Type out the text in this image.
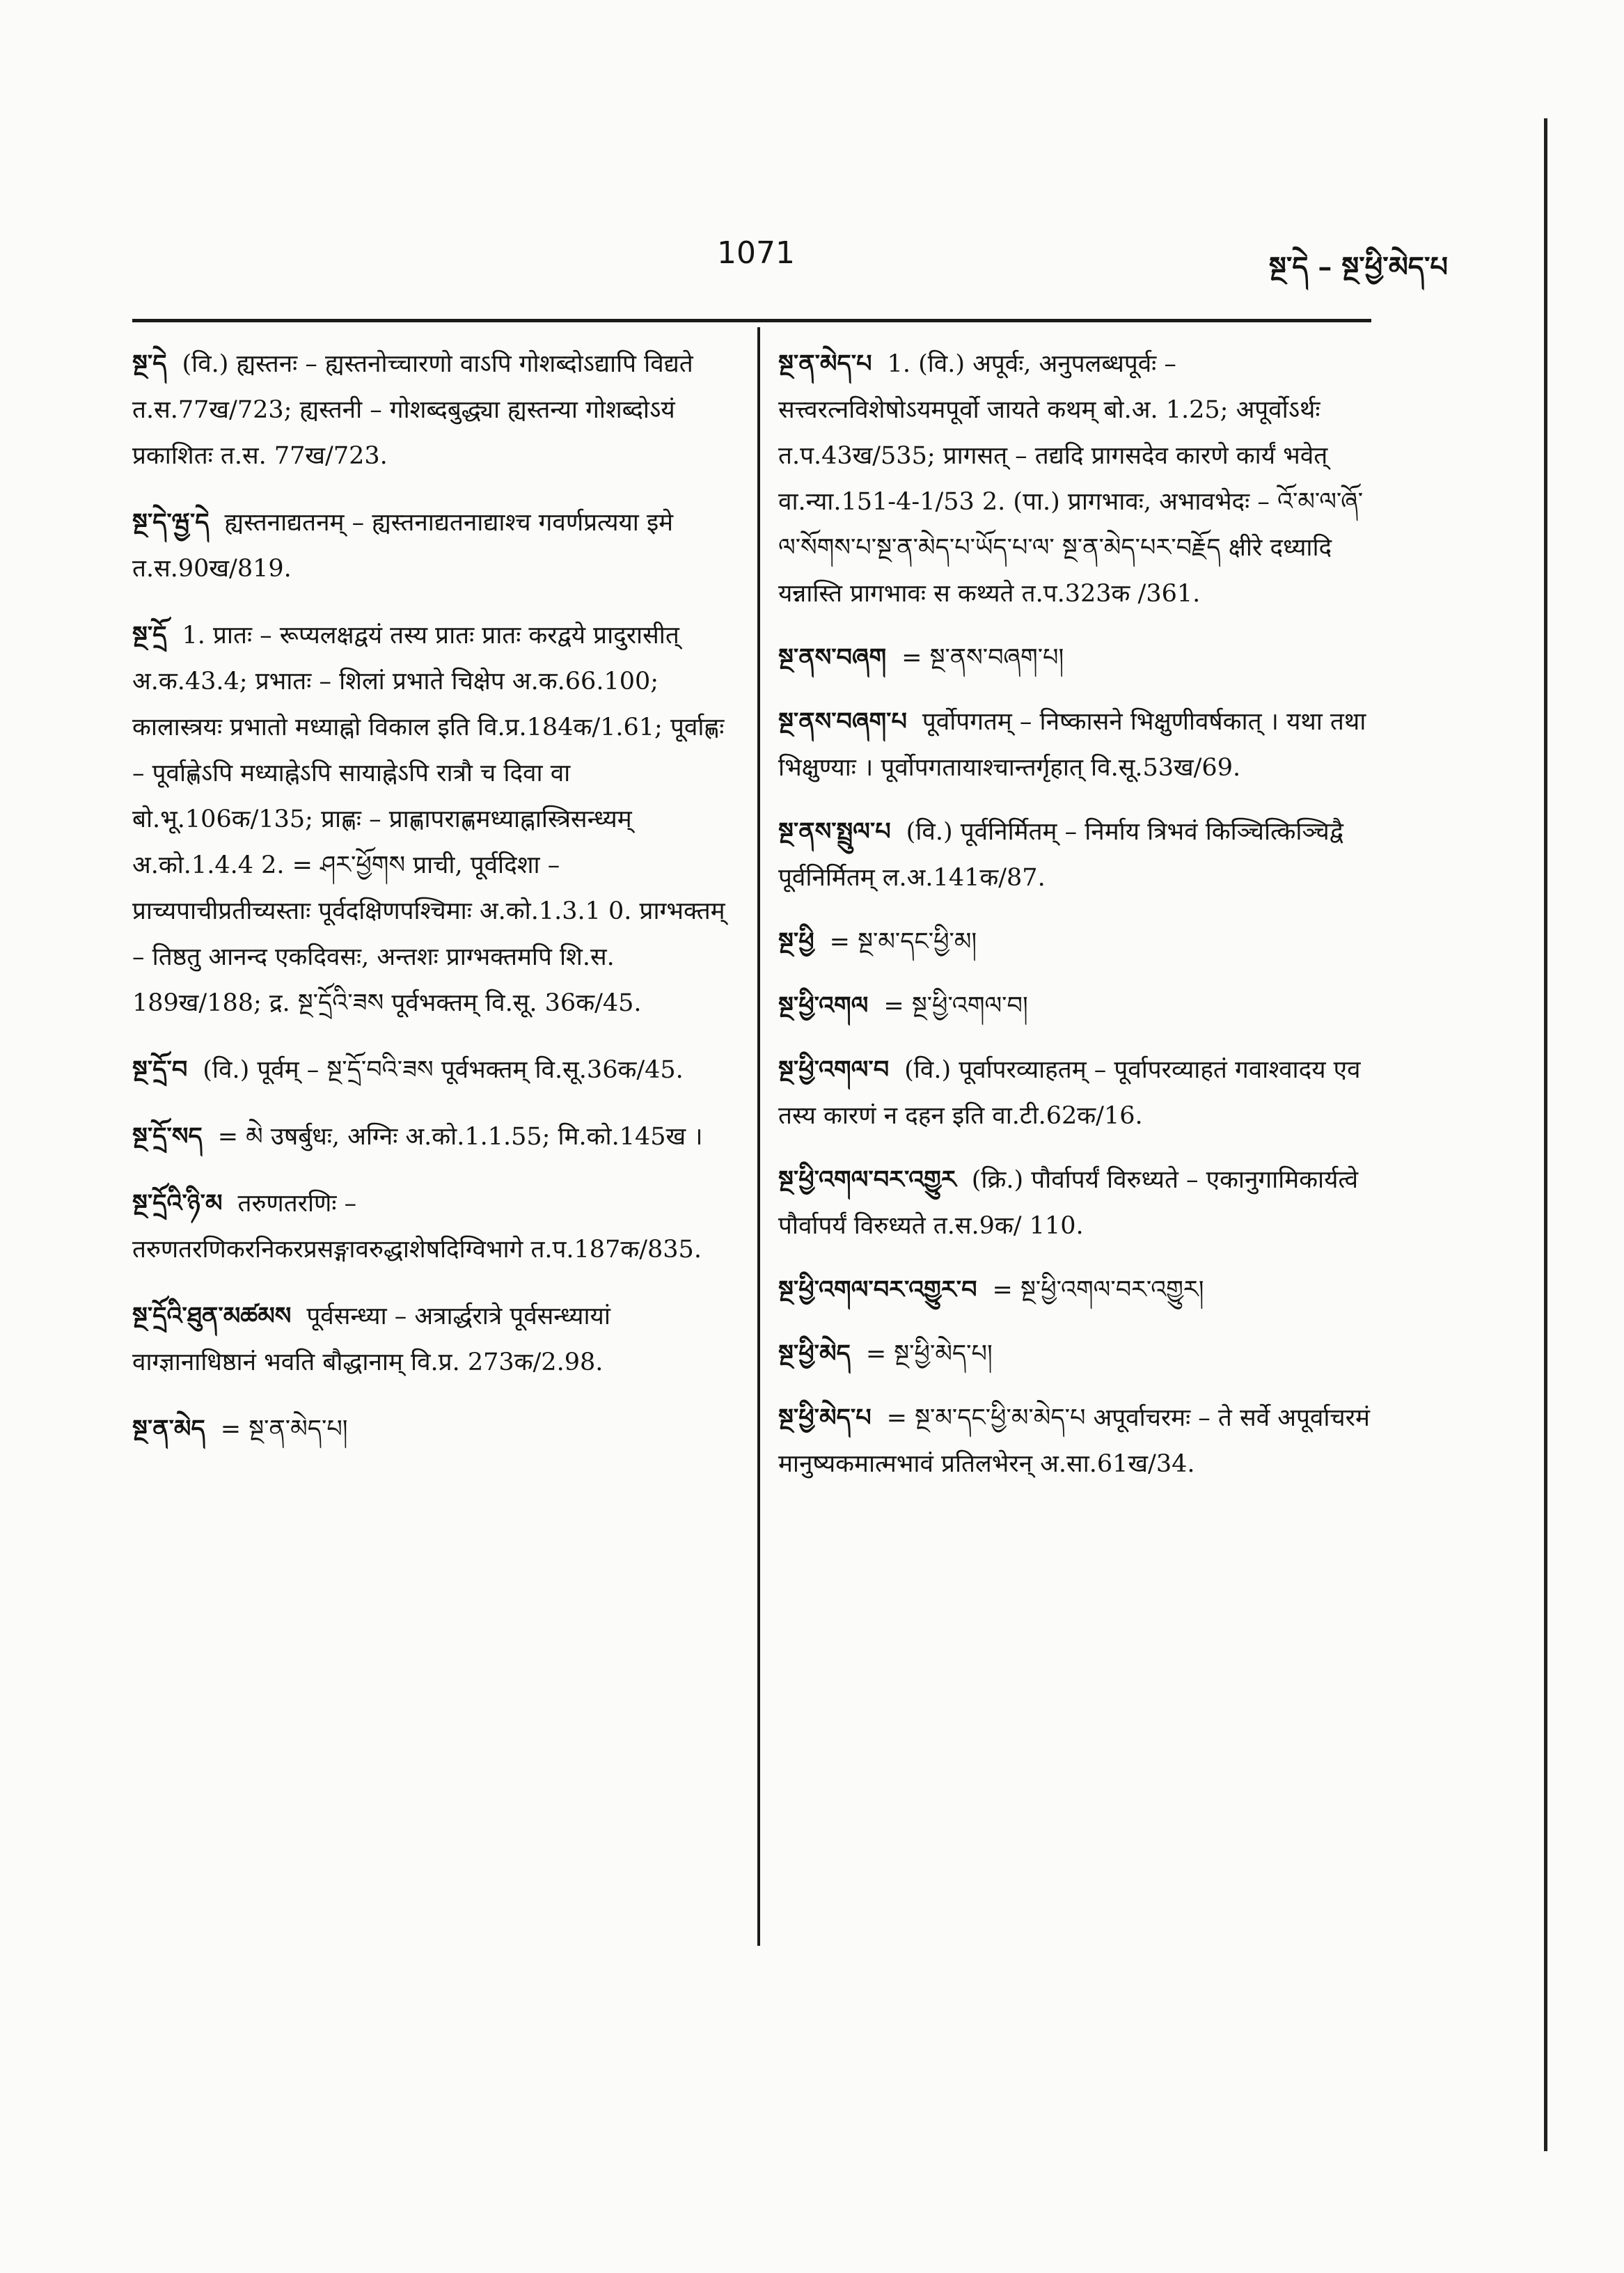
1071	སྔ་དེ – སྔ་ཕྱི་མེད་པ
སྔ་དེ (वि.) ह्यस्तनः – ह्यस्तनोच्चारणो वाऽपि गोशब्दोऽद्यापि विद्यते त.स.77ख/723; ह्यस्तनी – गोशब्दबुद्ध्या ह्यस्तन्या गोशब्दोऽयं प्रकाशितः त.स. 77ख/723.
སྔ་དེ་ཝྱ་དེ ह्यस्तनाद्यतनम् – ह्यस्तनाद्यतनाद्याश्च गवर्णप्रत्यया इमे त.स.90ख/819.
སྔ་དྲོ 1. प्रातः – रूप्यलक्षद्वयं तस्य प्रातः प्रातः करद्वये प्रादुरासीत् अ.क.43.4; प्रभातः – शिलां प्रभाते चिक्षेप अ.क.66.100; कालास्त्रयः प्रभातो मध्याह्नो विकाल इति वि.प्र.184क/1.61; पूर्वाह्णः – पूर्वाह्णेऽपि मध्याह्नेऽपि सायाह्नेऽपि रात्रौ च दिवा वा बो.भू.106क/135; प्राह्णः – प्राह्णापराह्णमध्याह्नास्त्रिसन्ध्यम् अ.को.1.4.4 2. = ཤར་ཕྱོགས प्राची, पूर्वदिशा – प्राच्यपाचीप्रतीच्यस्ताः पूर्वदक्षिणपश्चिमाः अ.को.1.3.1 0. प्राग्भक्तम् – तिष्ठतु आनन्द एकदिवसः, अन्तशः प्राग्भक्तमपि शि.स. 189ख/188; द्र. སྔ་དྲོའི་ཟས पूर्वभक्तम् वि.सू. 36क/45.
སྔ་དྲོ་བ (वि.) पूर्वम् – སྔ་དྲོ་བའི་ཟས पूर्वभक्तम् वि.सू.36क/45.
སྔ་དྲོ་སད = མེ उषर्बुधः, अग्निः अ.को.1.1.55; मि.को.145ख ।
སྔ་དྲོའི་ཉི་མ तरुणतरणिः – तरुणतरणिकरनिकरप्रसङ्गावरुद्धाशेषदिग्विभागे त.प.187क/835.
སྔ་དྲོའི་ཐུན་མཚམས पूर्वसन्ध्या – अत्रार्द्धरात्रे पूर्वसन्ध्यायां वाग्ज्ञानाधिष्ठानं भवति बौद्धानाम् वि.प्र. 273क/2.98.
སྔ་ན་མེད = སྔ་ན་མེད་པ།
སྔ་ན་མེད་པ 1. (वि.) अपूर्वः, अनुपलब्धपूर्वः – सत्त्वरत्नविशेषोऽयमपूर्वो जायते कथम् बो.अ. 1.25; अपूर्वोऽर्थः त.प.43ख/535; प्रागसत् – तद्यदि प्रागसदेव कारणे कार्यं भवेत् वा.न्या.151-4-1/53 2. (पा.) प्रागभावः, अभावभेदः – འོ་མ་ལ་ཞོ་ལ་སོགས་པ་སྔ་ན་མེད་པ་ཡོད་པ་ལ་ སྔ་ན་མེད་པར་བརྗོད क्षीरे दध्यादि यन्नास्ति प्रागभावः स कथ्यते त.प.323क /361.
སྔ་ནས་བཞག = སྔ་ནས་བཞག་པ།
སྔ་ནས་བཞག་པ पूर्वोपगतम् – निष्कासने भिक्षुणीवर्षकात् । यथा तथा भिक्षुण्याः । पूर्वोपगतायाश्चान्तर्गृहात् वि.सू.53ख/69.
སྔ་ནས་སྤྲུལ་པ (वि.) पूर्वनिर्मितम् – निर्माय त्रिभवं किञ्चित्किञ्चिद्वै पूर्वनिर्मितम् ल.अ.141क/87.
སྔ་ཕྱི = སྔ་མ་དང་ཕྱི་མ།
སྔ་ཕྱི་འགལ = སྔ་ཕྱི་འགལ་བ།
སྔ་ཕྱི་འགལ་བ (वि.) पूर्वापरव्याहतम् – पूर्वापरव्याहतं गवाश्वादय एव तस्य कारणं न दहन इति वा.टी.62क/16.
སྔ་ཕྱི་འགལ་བར་འགྱུར (क्रि.) पौर्वापर्यं विरुध्यते – एकानुगामिकार्यत्वे पौर्वापर्यं विरुध्यते त.स.9क/ 110.
སྔ་ཕྱི་འགལ་བར་འགྱུར་བ = སྔ་ཕྱི་འགལ་བར་འགྱུར།
སྔ་ཕྱི་མེད = སྔ་ཕྱི་མེད་པ།
སྔ་ཕྱི་མེད་པ = སྔ་མ་དང་ཕྱི་མ་མེད་པ अपूर्वाचरमः – ते सर्वे अपूर्वाचरमं मानुष्यकमात्मभावं प्रतिलभेरन् अ.सा.61ख/34.
